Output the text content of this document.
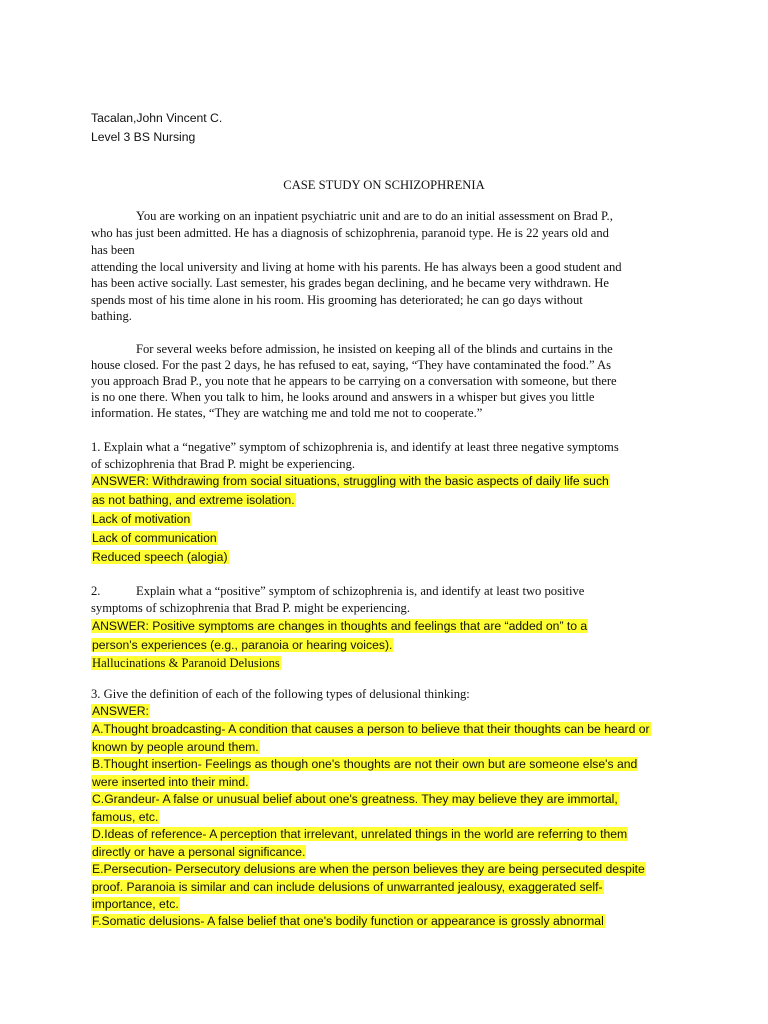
Tacalan,John Vincent C.
Level 3 BS Nursing
CASE STUDY ON SCHIZOPHRENIA
You are working on an inpatient psychiatric unit and are to do an initial assessment on Brad P.,
who has just been admitted. He has a diagnosis of schizophrenia, paranoid type. He is 22 years old and
has been
attending the local university and living at home with his parents. He has always been a good student and
has been active socially. Last semester, his grades began declining, and he became very withdrawn. He
spends most of his time alone in his room. His grooming has deteriorated; he can go days without
bathing.
For several weeks before admission, he insisted on keeping all of the blinds and curtains in the
house closed. For the past 2 days, he has refused to eat, saying, “They have contaminated the food.” As
you approach Brad P., you note that he appears to be carrying on a conversation with someone, but there
is no one there. When you talk to him, he looks around and answers in a whisper but gives you little
information. He states, “They are watching me and told me not to cooperate.”
1. Explain what a “negative” symptom of schizophrenia is, and identify at least three negative symptoms
of schizophrenia that Brad P. might be experiencing.
ANSWER: Withdrawing from social situations, struggling with the basic aspects of daily life such
as not bathing, and extreme isolation.
Lack of motivation
Lack of communication
Reduced speech (alogia)
2.	Explain what a “positive” symptom of schizophrenia is, and identify at least two positive
symptoms of schizophrenia that Brad P. might be experiencing.
ANSWER: Positive symptoms are changes in thoughts and feelings that are “added on” to a
person's experiences (e.g., paranoia or hearing voices).
Hallucinations & Paranoid Delusions
3. Give the definition of each of the following types of delusional thinking:
ANSWER:
A.Thought broadcasting- A condition that causes a person to believe that their thoughts can be heard or
known by people around them.
B.Thought insertion- Feelings as though one's thoughts are not their own but are someone else's and
were inserted into their mind.
C.Grandeur- A false or unusual belief about one's greatness. They may believe they are immortal,
famous, etc.
D.Ideas of reference- A perception that irrelevant, unrelated things in the world are referring to them
directly or have a personal significance.
E.Persecution- Persecutory delusions are when the person believes they are being persecuted despite
proof. Paranoia is similar and can include delusions of unwarranted jealousy, exaggerated self-
importance, etc.
F.Somatic delusions- A false belief that one's bodily function or appearance is grossly abnormal
